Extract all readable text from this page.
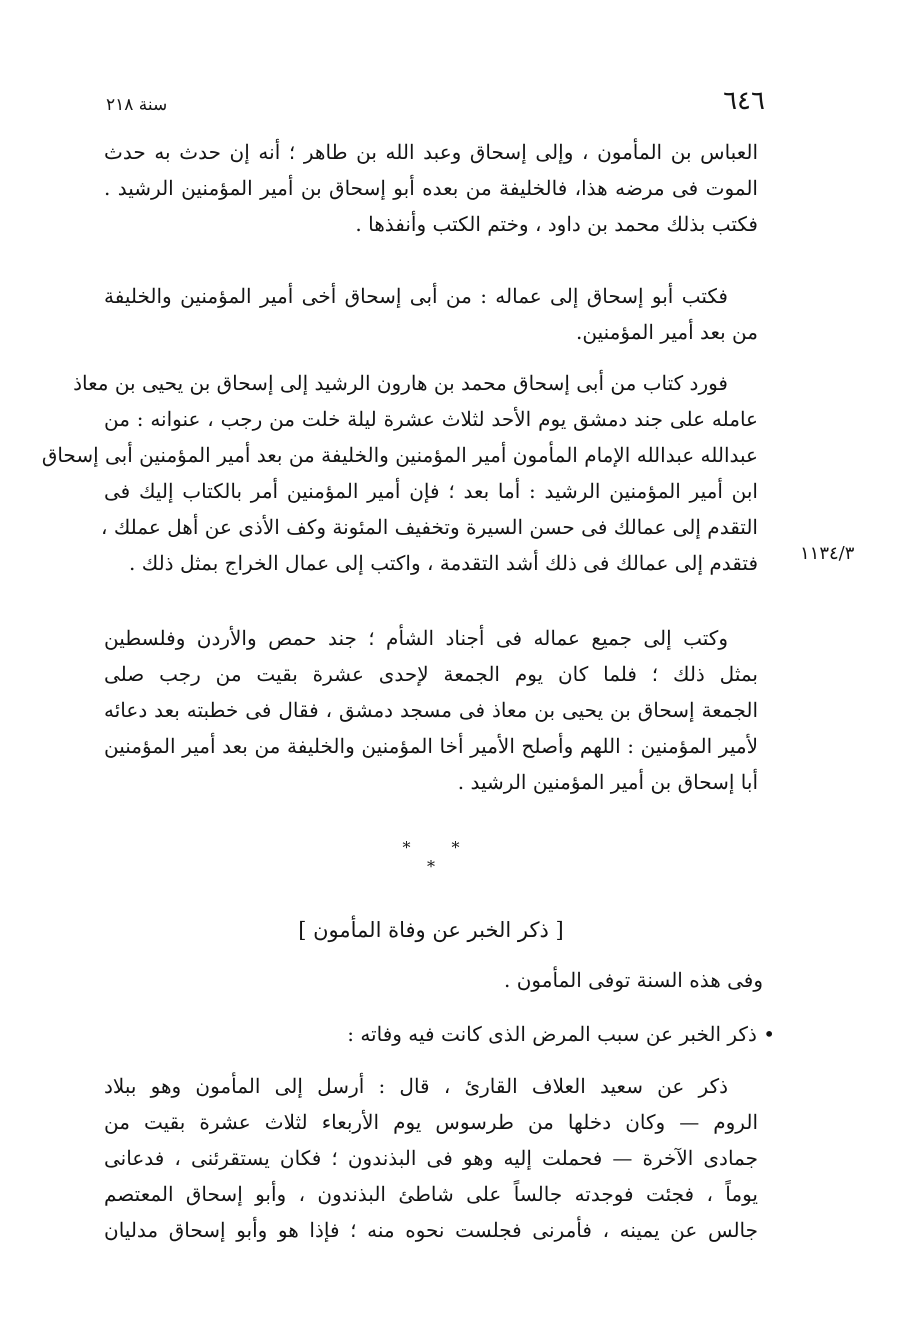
٦٤٦
سنة ٢١٨
١١٣٤/٣
العباس بن المأمون ، وإلى إسحاق وعبد الله بن طاهر ؛ أنه إن حدث به حدث
الموت فى مرضه هذا، فالخليفة من بعده أبو إسحاق بن أمير المؤمنين الرشيد .
فكتب بذلك محمد بن داود ، وختم الكتب وأنفذها .
فكتب أبو إسحاق إلى عماله : من أبى إسحاق أخى أمير المؤمنين والخليفة
من بعد أمير المؤمنين.
فورد كتاب من أبى إسحاق محمد بن هارون الرشيد إلى إسحاق بن يحيى بن معاذ
عامله على جند دمشق يوم الأحد لثلاث عشرة ليلة خلت من رجب ، عنوانه : من
عبدالله عبدالله الإمام المأمون أمير المؤمنين والخليفة من بعد أمير المؤمنين أبى إسحاق
ابن أمير المؤمنين الرشيد : أما بعد ؛ فإن أمير المؤمنين أمر بالكتاب إليك فى
التقدم إلى عمالك فى حسن السيرة وتخفيف المئونة وكف الأذى عن أهل عملك ،
فتقدم إلى عمالك فى ذلك أشد التقدمة ، واكتب إلى عمال الخراج بمثل ذلك .
وكتب إلى جميع عماله فى أجناد الشأم ؛ جند حمص والأردن وفلسطين
بمثل ذلك ؛ فلما كان يوم الجمعة لإحدى عشرة بقيت من رجب صلى
الجمعة إسحاق بن يحيى بن معاذ فى مسجد دمشق ، فقال فى خطبته بعد دعائه
لأمير المؤمنين : اللهم وأصلح الأمير أخا المؤمنين والخليفة من بعد أمير المؤمنين
أبا إسحاق بن أمير المؤمنين الرشيد .
* * *
[ ذكر الخبر عن وفاة المأمون ]
وفى هذه السنة توفى المأمون .
• ذكر الخبر عن سبب المرض الذى كانت فيه وفاته :
ذكر عن سعيد العلاف القارئ ، قال : أرسل إلى المأمون وهو ببلاد
الروم — وكان دخلها من طرسوس يوم الأربعاء لثلاث عشرة بقيت من
جمادى الآخرة — فحملت إليه وهو فى البذندون ؛ فكان يستقرئنى ، فدعانى
يوماً ، فجئت فوجدته جالساً على شاطئ البذندون ، وأبو إسحاق المعتصم
جالس عن يمينه ، فأمرنى فجلست نحوه منه ؛ فإذا هو وأبو إسحاق مدليان
